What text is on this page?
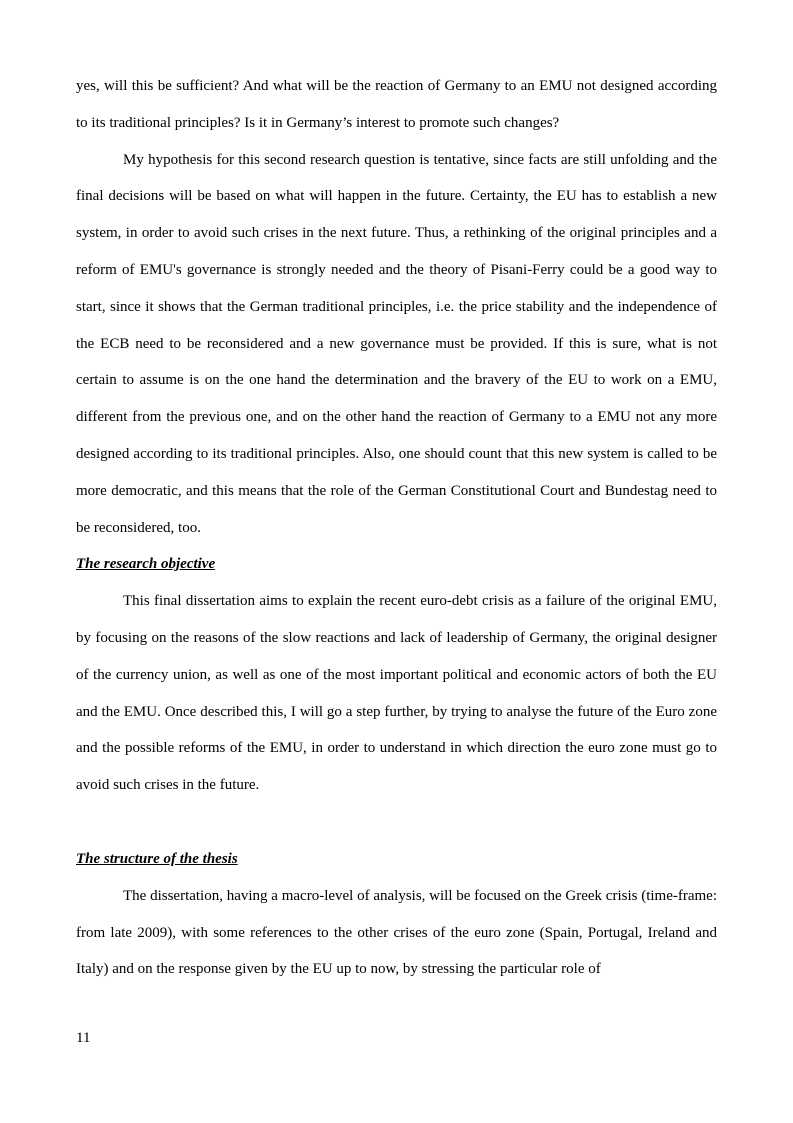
yes, will this be sufficient? And what will be the reaction of Germany to an EMU not designed according to its traditional principles? Is it in Germany’s interest to promote such changes?

My hypothesis for this second research question is tentative, since facts are still unfolding and the final decisions will be based on what will happen in the future. Certainty, the EU has to establish a new system, in order to avoid such crises in the next future. Thus, a rethinking of the original principles and a reform of EMU's governance is strongly needed and the theory of Pisani-Ferry could be a good way to start, since it shows that the German traditional principles, i.e. the price stability and the independence of the ECB need to be reconsidered and a new governance must be provided. If this is sure, what is not certain to assume is on the one hand the determination and the bravery of the EU to work on a EMU, different from the previous one, and on the other hand the reaction of Germany to a EMU not any more designed according to its traditional principles. Also, one should count that this new system is called to be more democratic, and this means that the role of the German Constitutional Court and Bundestag need to be reconsidered, too.

The research objective

This final dissertation aims to explain the recent euro-debt crisis as a failure of the original EMU, by focusing on the reasons of the slow reactions and lack of leadership of Germany, the original designer of the currency union, as well as one of the most important political and economic actors of both the EU and the EMU. Once described this, I will go a step further, by trying to analyse the future of the Euro zone and the possible reforms of the EMU, in order to understand in which direction the euro zone must go to avoid such crises in the future.

The structure of the thesis

The dissertation, having a macro-level of analysis, will be focused on the Greek crisis (time-frame: from late 2009), with some references to the other crises of the euro zone (Spain, Portugal, Ireland and Italy) and on the response given by the EU up to now, by stressing the particular role of

11
